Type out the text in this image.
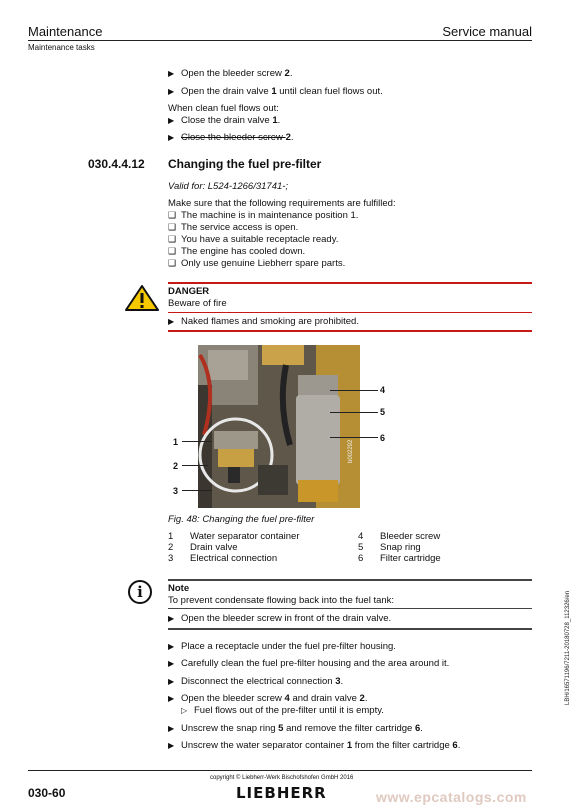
Maintenance	Service manual
Maintenance tasks
▶ Open the bleeder screw 2.
▶ Open the drain valve 1 until clean fuel flows out.
When clean fuel flows out:
▶ Close the drain valve 1.
▶ Close the bleeder screw 2.
030.4.4.12 Changing the fuel pre-filter
Valid for: L524-1266/31741-;
Make sure that the following requirements are fulfilled:
❑ The machine is in maintenance position 1.
❑ The service access is open.
❑ You have a suitable receptacle ready.
❑ The engine has cooled down.
❑ Only use genuine Liebherr spare parts.
DANGER
Beware of fire
▶ Naked flames and smoking are prohibited.
1
2
3
4
5
6
b002292
Fig. 48: Changing the fuel pre-filter
1 Water separator container
2 Drain valve
3 Electrical connection
4 Bleeder screw
5 Snap ring
6 Filter cartridge
i	Note
To prevent condensate flowing back into the fuel tank:
▶ Open the bleeder screw in front of the drain valve.
▶ Place a receptacle under the fuel pre-filter housing.
▶ Carefully clean the fuel pre-filter housing and the area around it.
▶ Disconnect the electrical connection 3.
▶ Open the bleeder screw 4 and drain valve 2.
▷ Fuel flows out of the pre-filter until it is empty.
▶ Unscrew the snap ring 5 and remove the filter cartridge 6.
▶ Unscrew the water separator container 1 from the filter cartridge 6.
LBH/16571196/7211-20180728_112326/en
030-60
copyright © Liebherr-Werk Bischofshofen GmbH 2016
LIEBHERR	www.epcatalogs.com
